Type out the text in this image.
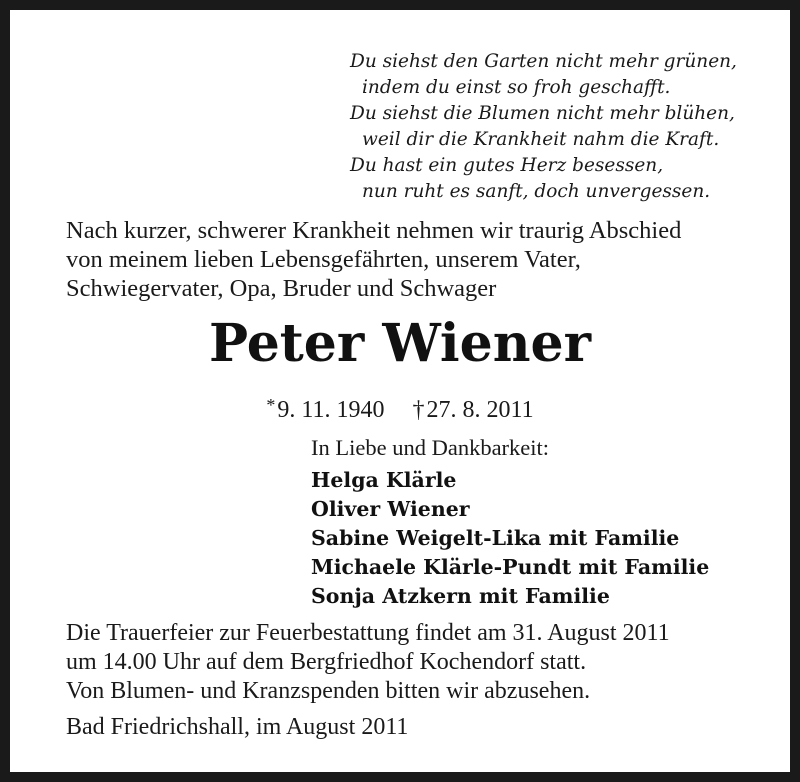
Du siehst den Garten nicht mehr grünen,
indem du einst so froh geschafft.
Du siehst die Blumen nicht mehr blühen,
weil dir die Krankheit nahm die Kraft.
Du hast ein gutes Herz besessen,
nun ruht es sanft, doch unvergessen.
Nach kurzer, schwerer Krankheit nehmen wir traurig Abschied
von meinem lieben Lebensgefährten, unserem Vater,
Schwiegervater, Opa, Bruder und Schwager
Peter Wiener
*9. 11. 1940 †27. 8. 2011
In Liebe und Dankbarkeit:
Helga Klärle
Oliver Wiener
Sabine Weigelt-Lika mit Familie
Michaele Klärle-Pundt mit Familie
Sonja Atzkern mit Familie
Die Trauerfeier zur Feuerbestattung findet am 31. August 2011
um 14.00 Uhr auf dem Bergfriedhof Kochendorf statt.
Von Blumen- und Kranzspenden bitten wir abzusehen.
Bad Friedrichshall, im August 2011
